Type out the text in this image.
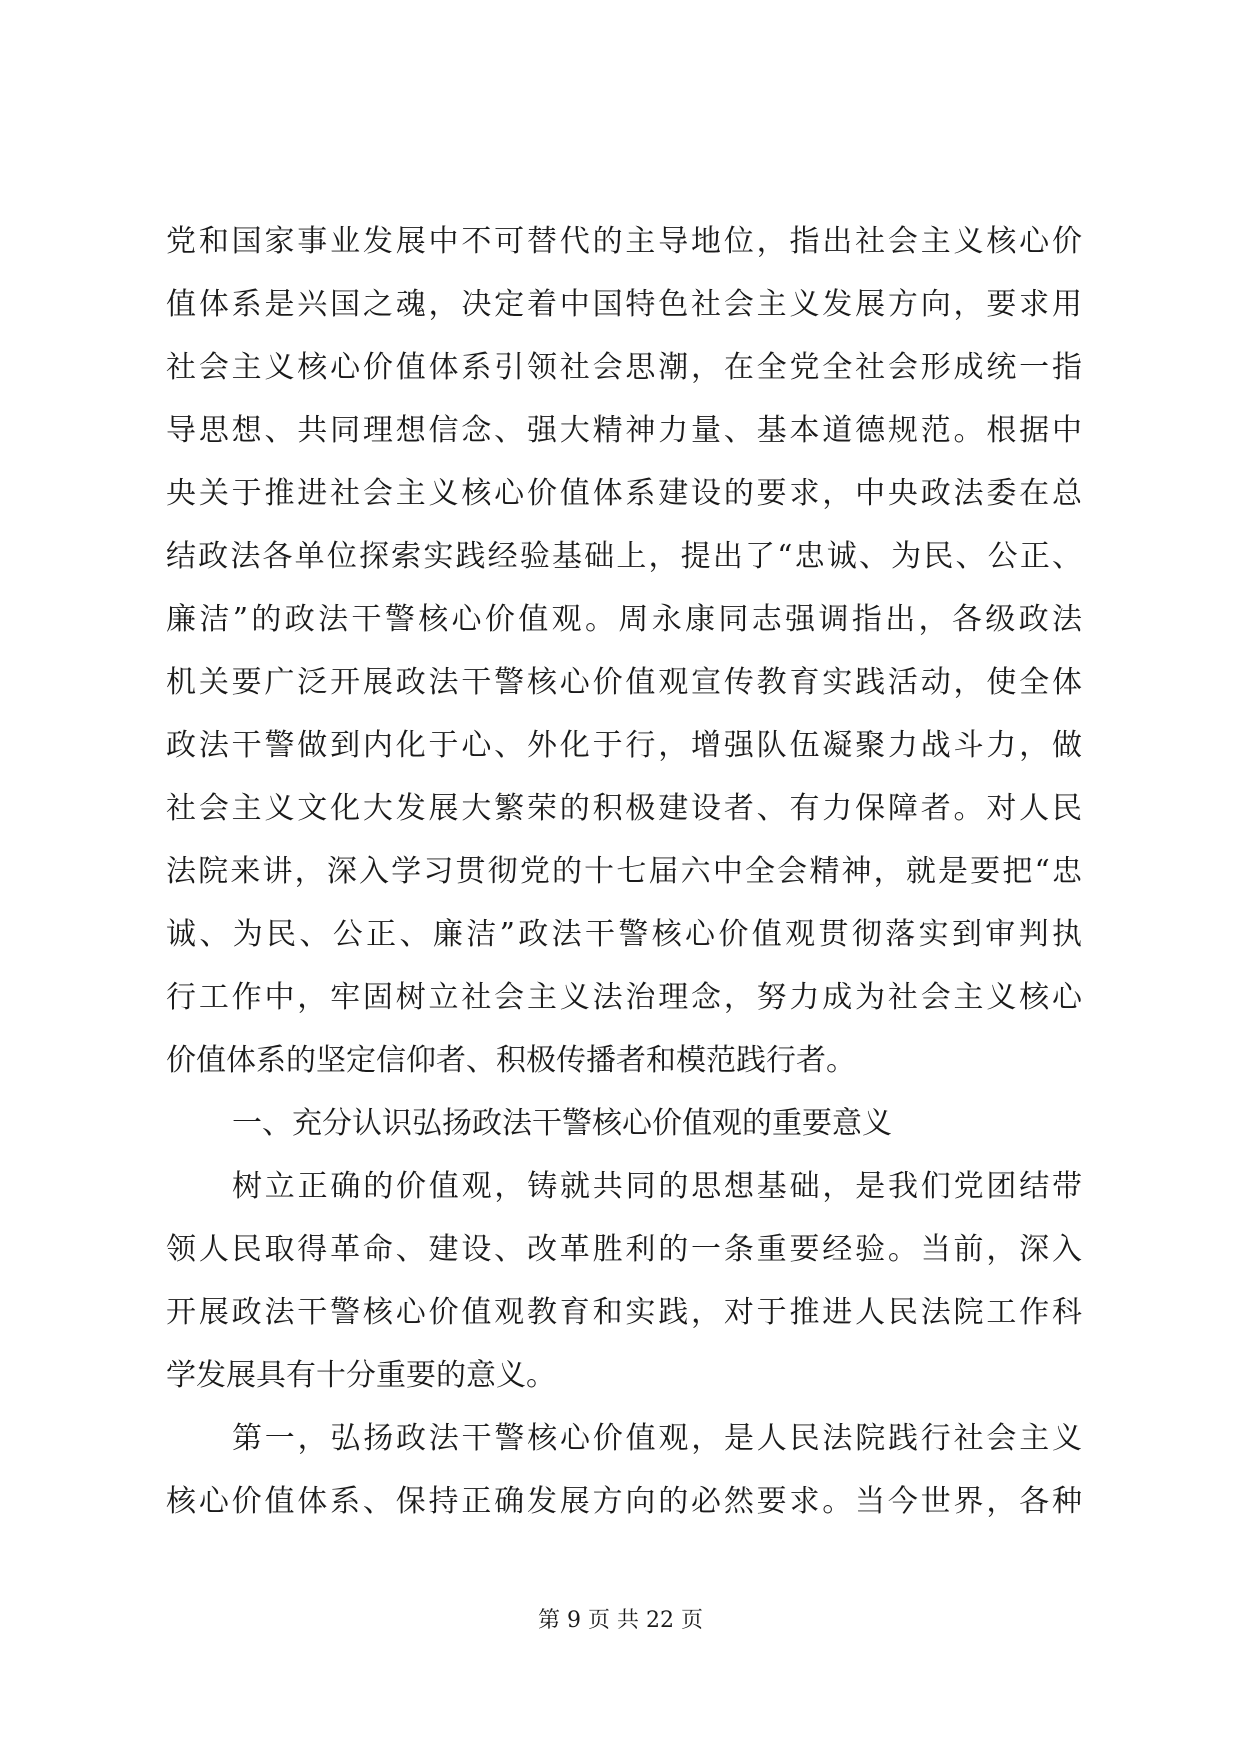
党和国家事业发展中不可替代的主导地位，指出社会主义核心价
值体系是兴国之魂，决定着中国特色社会主义发展方向，要求用
社会主义核心价值体系引领社会思潮，在全党全社会形成统一指
导思想、共同理想信念、强大精神力量、基本道德规范。根据中
央关于推进社会主义核心价值体系建设的要求，中央政法委在总
结政法各单位探索实践经验基础上，提出了“忠诚、为民、公正、
廉洁”的政法干警核心价值观。周永康同志强调指出，各级政法
机关要广泛开展政法干警核心价值观宣传教育实践活动，使全体
政法干警做到内化于心、外化于行，增强队伍凝聚力战斗力，做
社会主义文化大发展大繁荣的积极建设者、有力保障者。对人民
法院来讲，深入学习贯彻党的十七届六中全会精神，就是要把“忠
诚、为民、公正、廉洁”政法干警核心价值观贯彻落实到审判执
行工作中，牢固树立社会主义法治理念，努力成为社会主义核心
价值体系的坚定信仰者、积极传播者和模范践行者。
一、充分认识弘扬政法干警核心价值观的重要意义
树立正确的价值观，铸就共同的思想基础，是我们党团结带
领人民取得革命、建设、改革胜利的一条重要经验。当前，深入
开展政法干警核心价值观教育和实践，对于推进人民法院工作科
学发展具有十分重要的意义。
第一，弘扬政法干警核心价值观，是人民法院践行社会主义
核心价值体系、保持正确发展方向的必然要求。当今世界，各种
第 9 页 共 22 页
